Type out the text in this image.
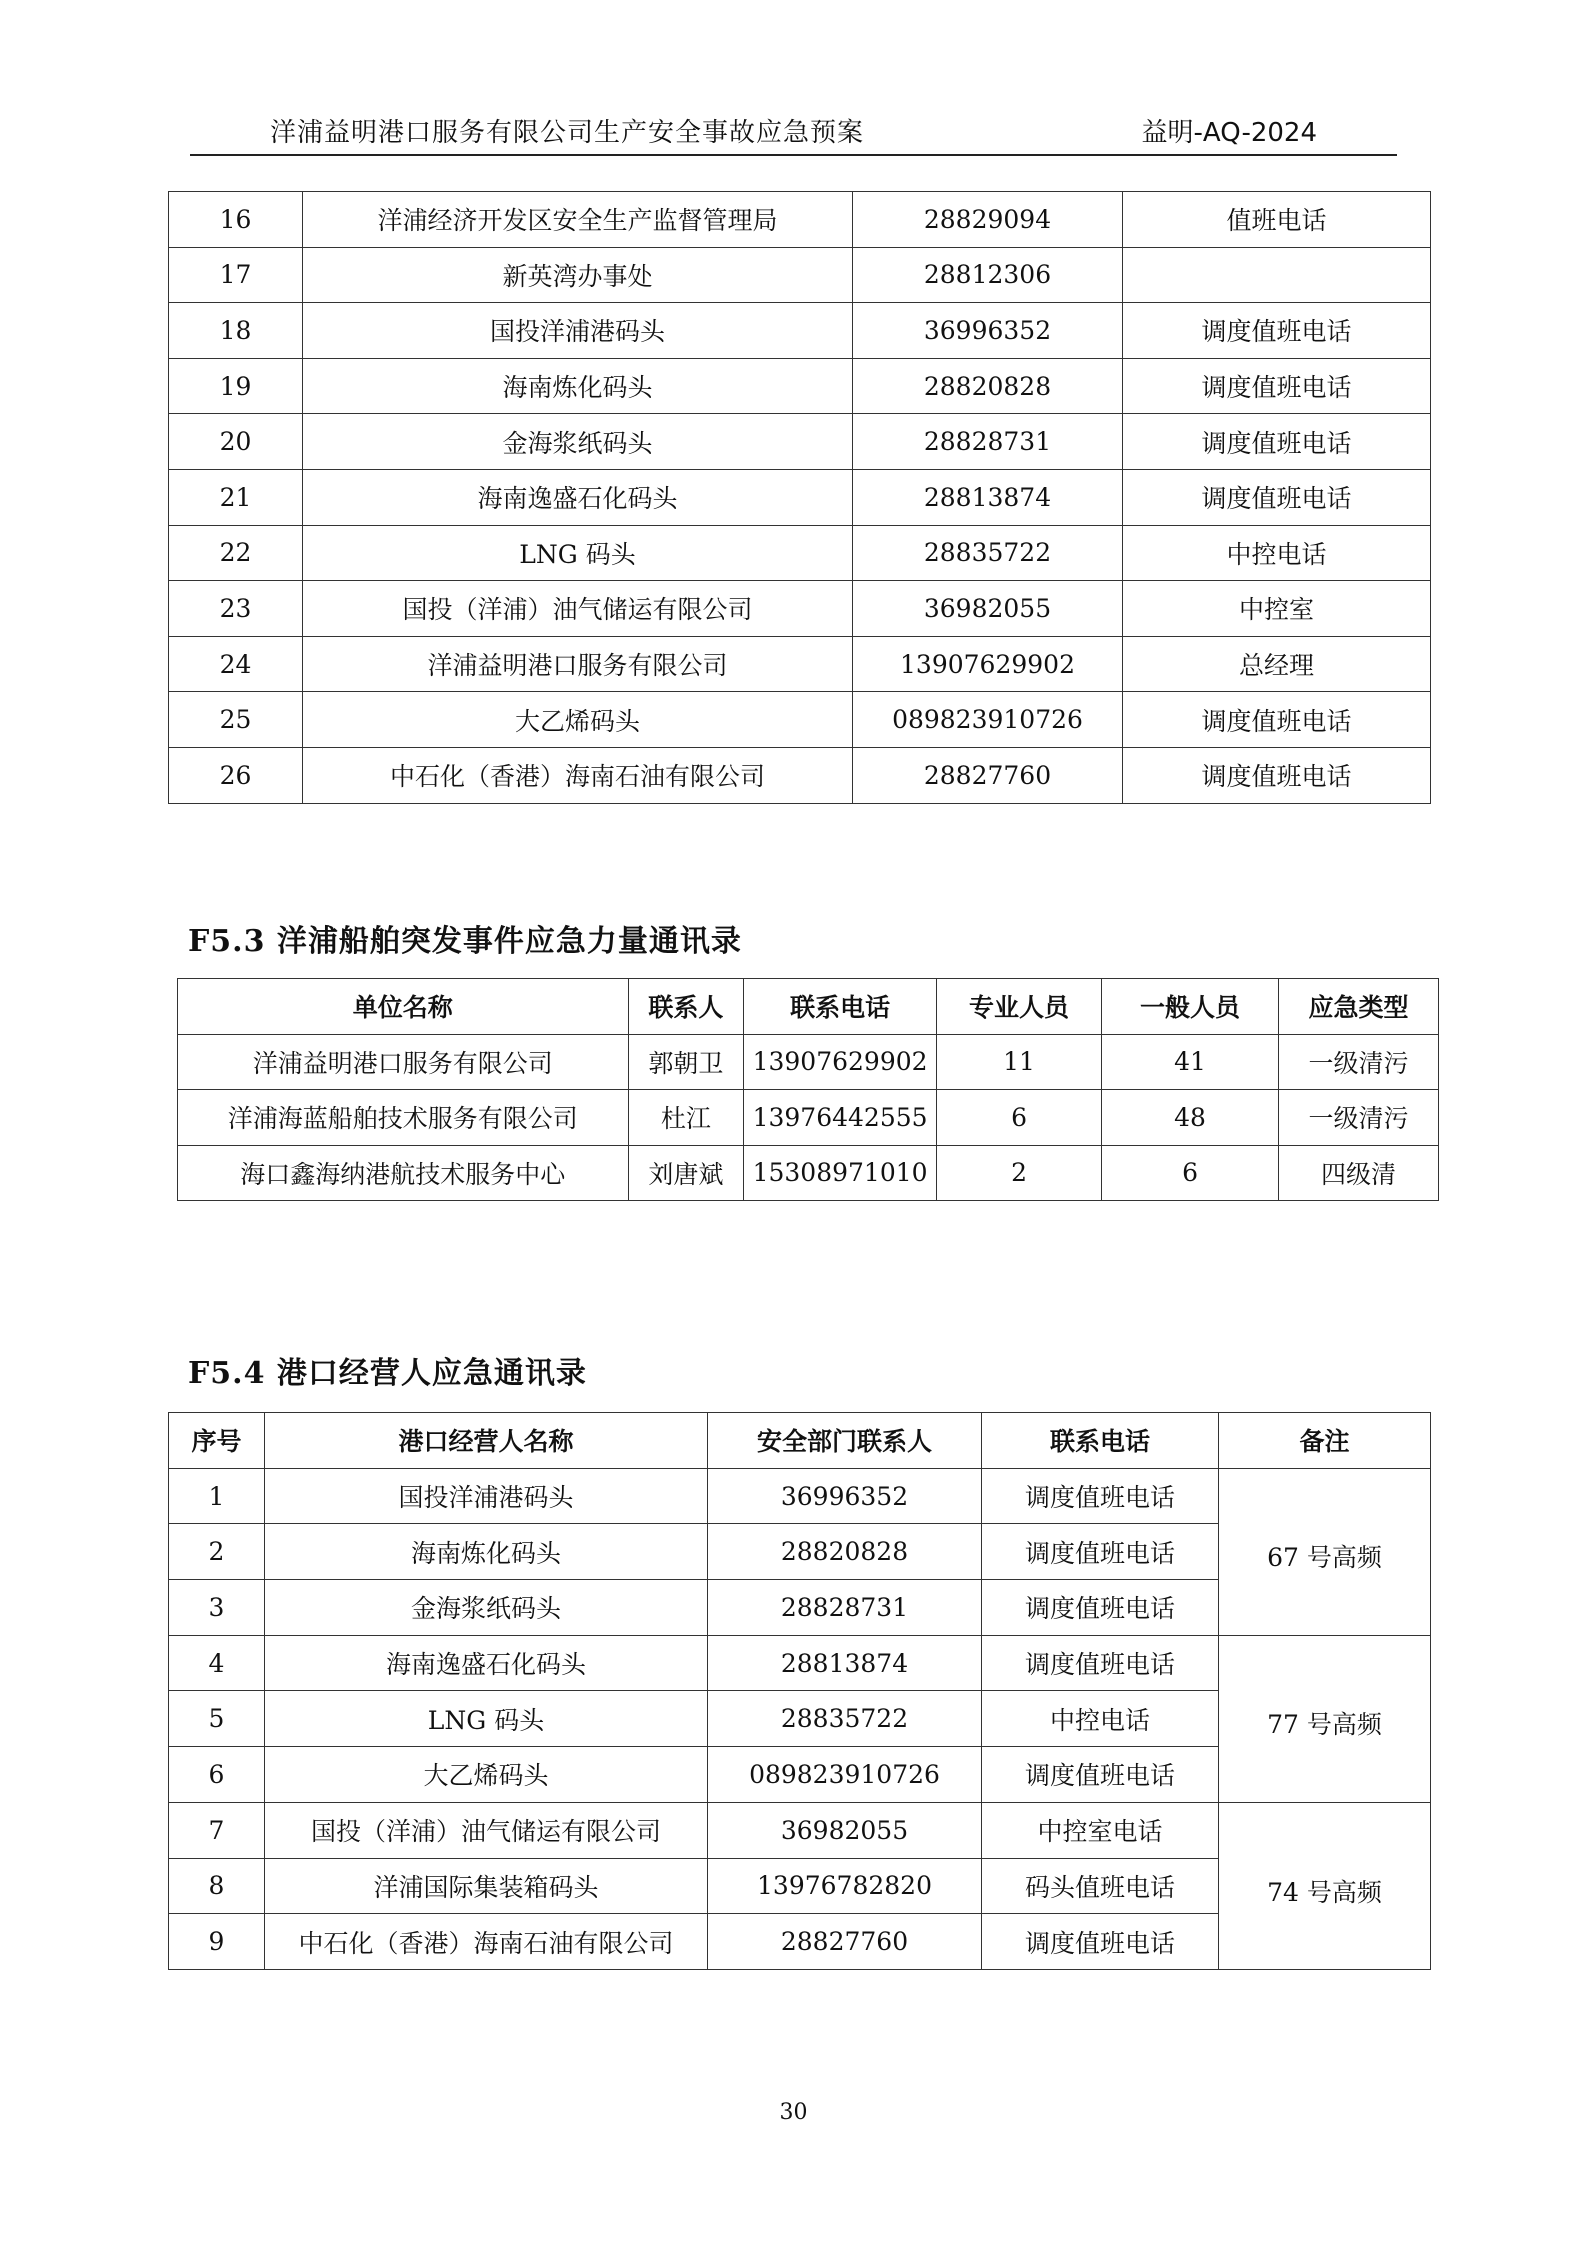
洋浦益明港口服务有限公司生产安全事故应急预案	益明-AQ-2024
16	洋浦经济开发区安全生产监督管理局	28829094	值班电话
17	新英湾办事处	28812306	
18	国投洋浦港码头	36996352	调度值班电话
19	海南炼化码头	28820828	调度值班电话
20	金海浆纸码头	28828731	调度值班电话
21	海南逸盛石化码头	28813874	调度值班电话
22	LNG 码头	28835722	中控电话
23	国投（洋浦）油气储运有限公司	36982055	中控室
24	洋浦益明港口服务有限公司	13907629902	总经理
25	大乙烯码头	089823910726	调度值班电话
26	中石化（香港）海南石油有限公司	28827760	调度值班电话
F5.3 洋浦船舶突发事件应急力量通讯录
单位名称	联系人	联系电话	专业人员	一般人员	应急类型
洋浦益明港口服务有限公司	郭朝卫	13907629902	11	41	一级清污
洋浦海蓝船舶技术服务有限公司	杜江	13976442555	6	48	一级清污
海口鑫海纳港航技术服务中心	刘唐斌	15308971010	2	6	四级清
F5.4 港口经营人应急通讯录
序号	港口经营人名称	安全部门联系人	联系电话	备注
1	国投洋浦港码头	36996352	调度值班电话	67 号高频

2	海南炼化码头	28820828	调度值班电话	
3	金海浆纸码头	28828731	调度值班电话	
4	海南逸盛石化码头	28813874	调度值班电话	77 号高频

5	LNG 码头	28835722	中控电话	
6	大乙烯码头	089823910726	调度值班电话	
7	国投（洋浦）油气储运有限公司	36982055	中控室电话	74 号高频

8	洋浦国际集装箱码头	13976782820	码头值班电话	
9	中石化（香港）海南石油有限公司	28827760	调度值班电话	
30
